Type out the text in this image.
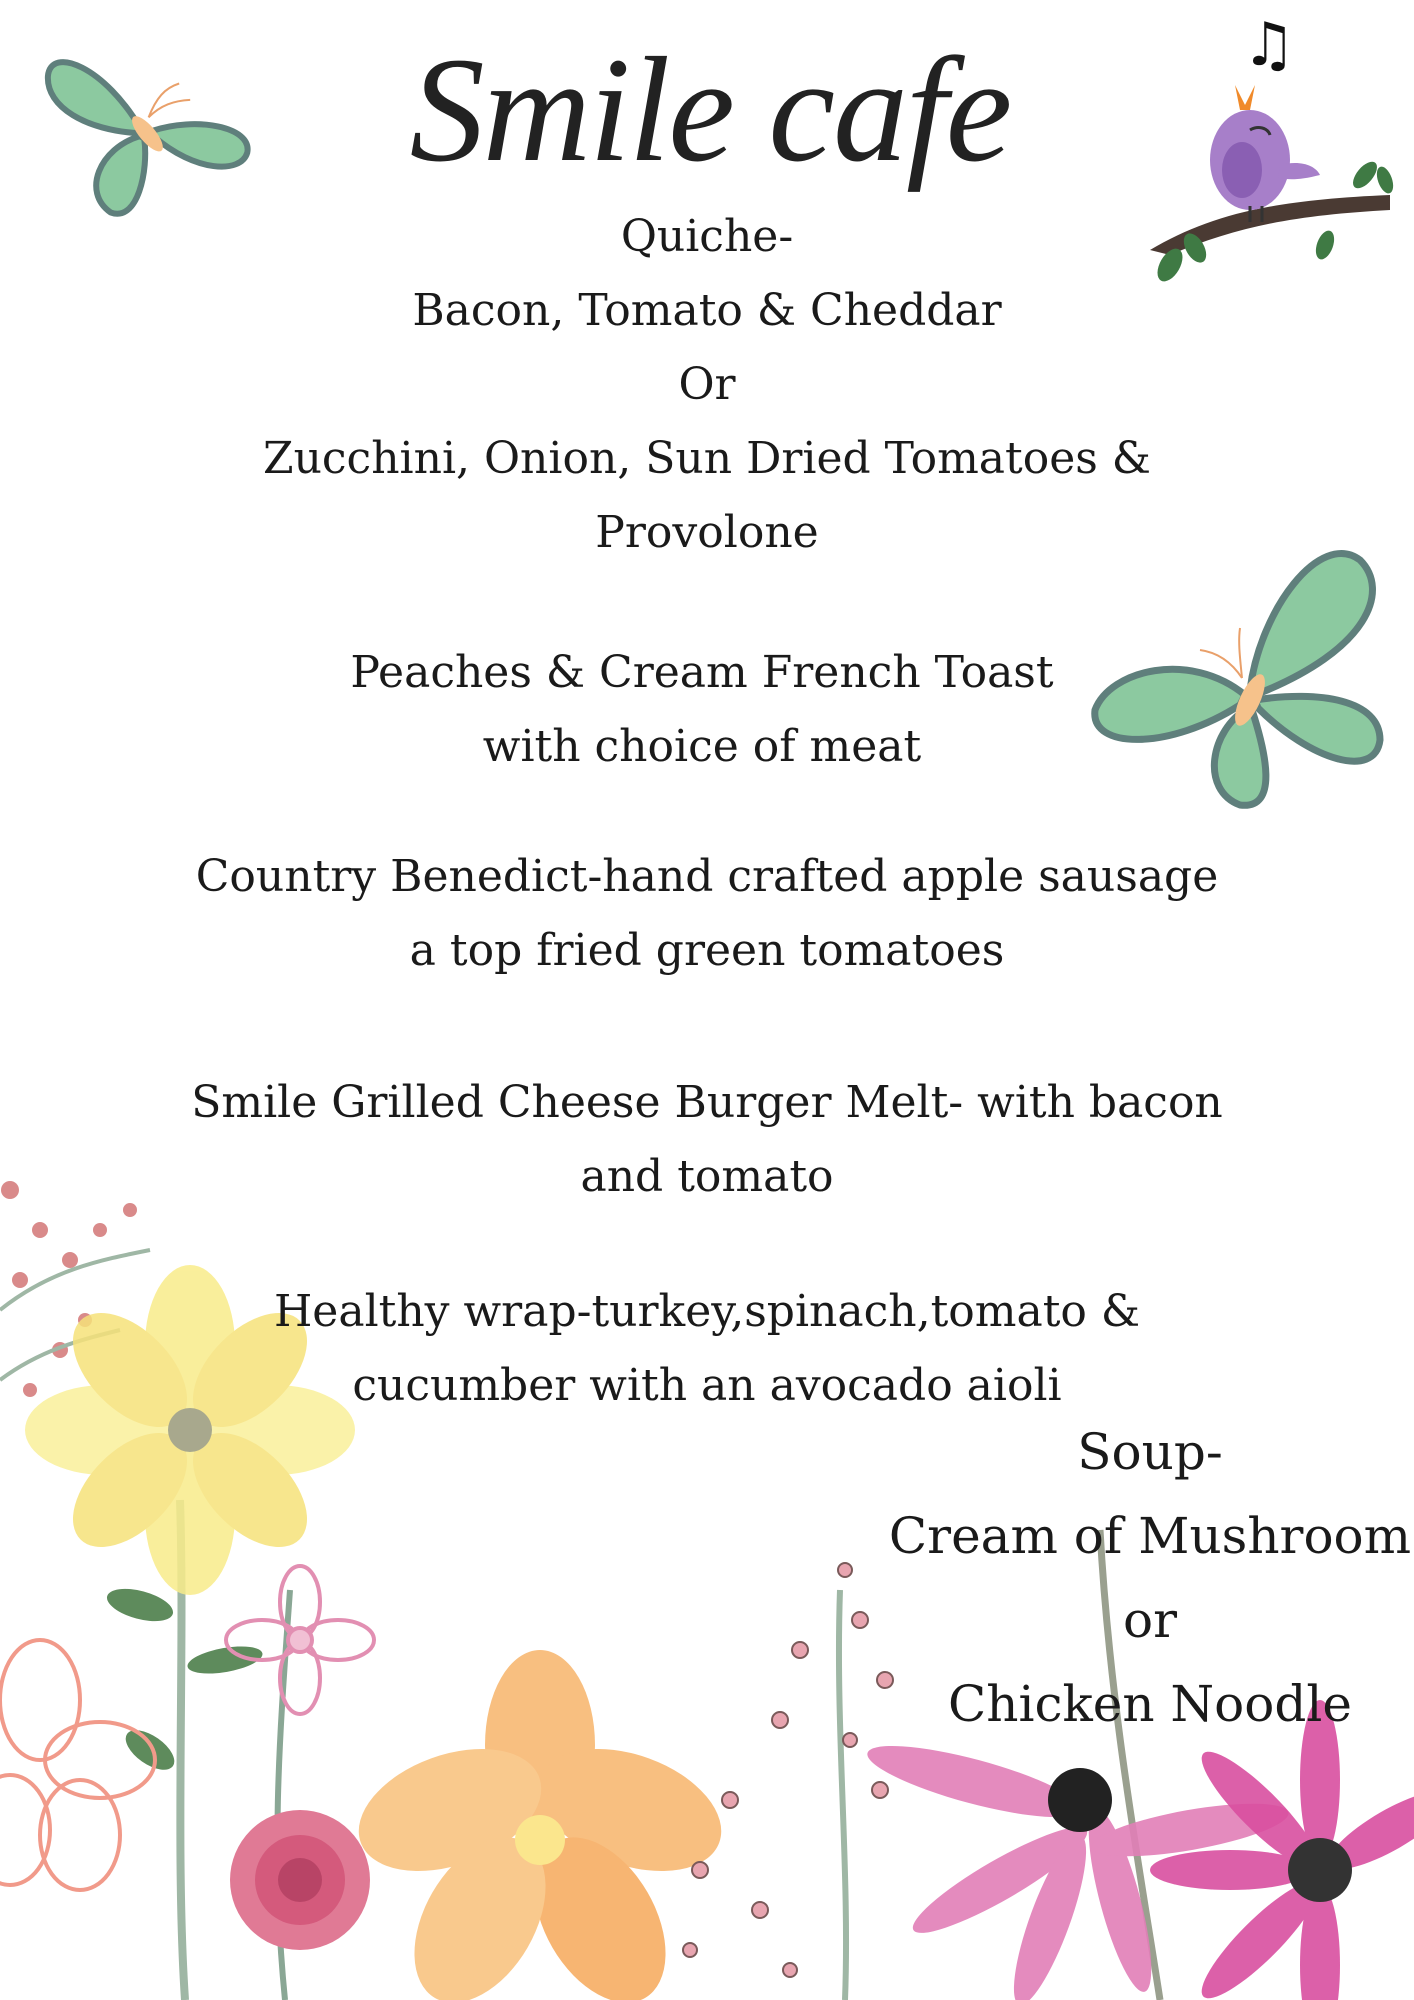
Smile cafe	♫
Quiche-
Bacon, Tomato & Cheddar
Or
Zucchini, Onion, Sun Dried Tomatoes &
Provolone
Peaches & Cream French Toast
with choice of meat
Country Benedict-hand crafted apple sausage
a top fried green tomatoes
Smile Grilled Cheese Burger Melt- with bacon
and tomato
Healthy wrap-turkey,spinach,tomato &
cucumber with an avocado aioli
Soup-
Cream of Mushroom
or
Chicken Noodle
